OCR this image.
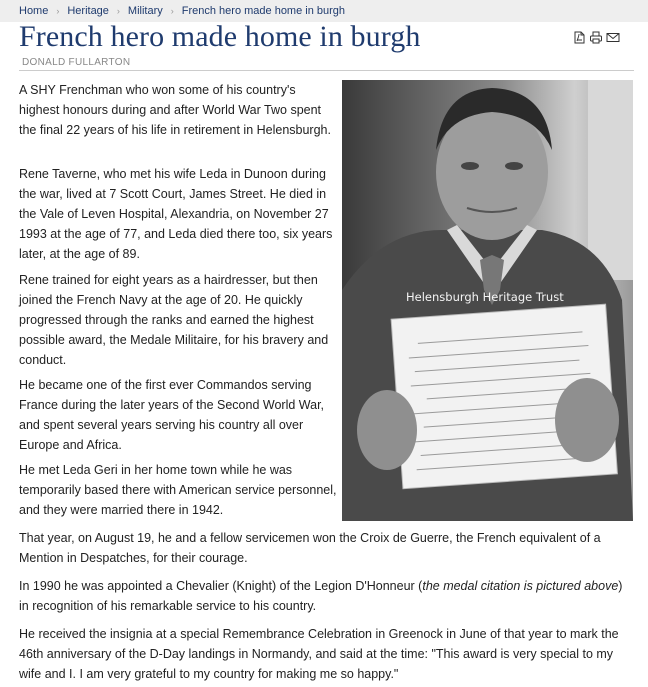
Home › Heritage › Military › French hero made home in burgh
French hero made home in burgh
DONALD FULLARTON

A SHY Frenchman who won some of his country's highest honours during and after World War Two spent the final 22 years of his life in retirement in Helensburgh.

Rene Taverne, who met his wife Leda in Dunoon during the war, lived at 7 Scott Court, James Street. He died in the Vale of Leven Hospital, Alexandria, on November 27 1993 at the age of 77, and Leda died there too, six years later, at the age of 89.

Rene trained for eight years as a hairdresser, but then joined the French Navy at the age of 20. He quickly progressed through the ranks and earned the highest possible award, the Medale Militaire, for his bravery and conduct.

He became one of the first ever Commandos serving France during the later years of the Second World War, and spent several years serving his country all over Europe and Africa.

He met Leda Geri in her home town while he was temporarily based there with American service personnel, and they were married there in 1942.

That year, on August 19, he and a fellow servicemen won the Croix de Guerre, the French equivalent of a Mention in Despatches, for their courage.

In 1990 he was appointed a Chevalier (Knight) of the Legion D'Honneur (the medal citation is pictured above) in recognition of his remarkable service to his country.

He received the insignia at a special Remembrance Celebration in Greenock in June of that year to mark the 46th anniversary of the D-Day landings in Normandy, and said at the time: "This award is very special to my wife and I. I am very grateful to my country for making me so happy."

Helensburgh Heritage Trust
